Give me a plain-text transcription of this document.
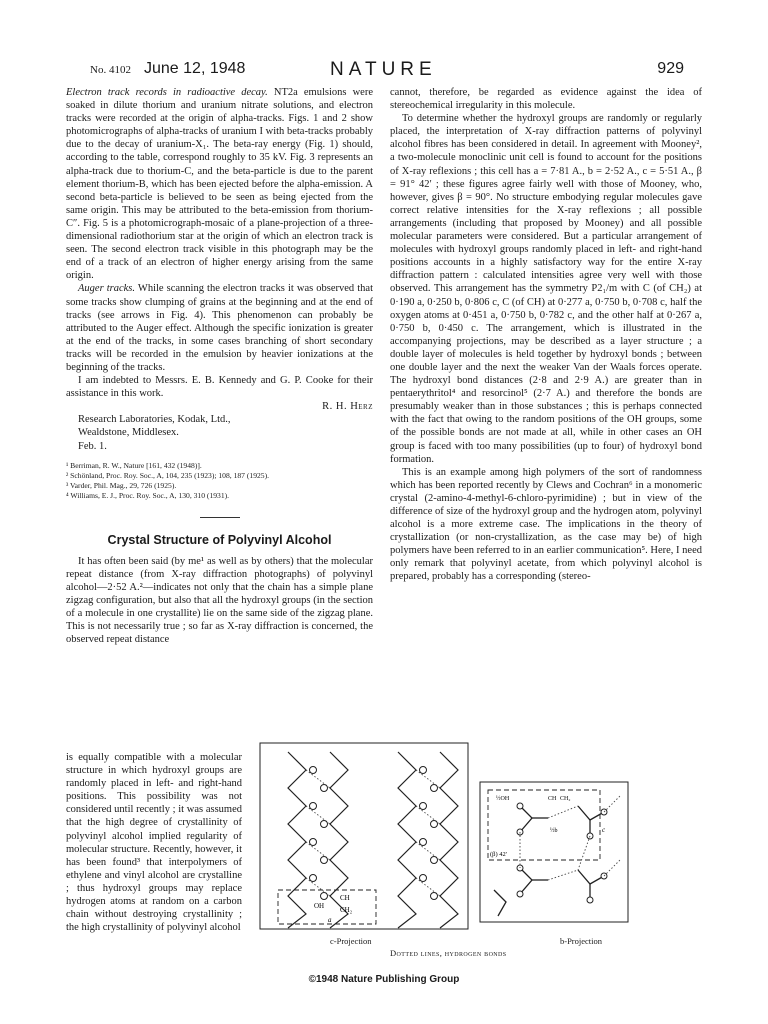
No. 4102 June 12, 1948	NATURE	929

Electron track records in radioactive decay. NT2a emulsions were soaked in dilute thorium and uranium nitrate solutions, and electron tracks were recorded at the origin of alpha-tracks. Figs. 1 and 2 show photomicrographs of alpha-tracks of uranium I with beta-tracks probably due to the decay of uranium-X₁. The beta-ray energy (Fig. 1) should, according to the table, correspond roughly to 35 kV. Fig. 3 represents an alpha-track due to thorium-C, and the beta-particle is due to the parent element thorium-B, which has been ejected before the alpha-emission. A second beta-particle is believed to be seen as being ejected from the same origin. This may be attributed to the beta-emission from thorium-C″. Fig. 5 is a photomicrograph-mosaic of a plane-projection of a three-dimensional radiothorium star at the origin of which an electron track is seen. The second electron track visible in this photograph may be the end of a track of an electron of higher energy arising from the same origin.

Auger tracks. While scanning the electron tracks it was observed that some tracks show clumping of grains at the beginning and at the end of tracks (see arrows in Fig. 4). This phenomenon can probably be attributed to the Auger effect. Although the specific ionization is greater at the end of the tracks, in some cases branching of short secondary tracks will be recorded in the emulsion by heavier ionizations at the beginning of the tracks.

I am indebted to Messrs. E. B. Kennedy and G. P. Cooke for their assistance in this work.

R. H. Herz

Research Laboratories, Kodak, Ltd.,

Wealdstone, Middlesex.

Feb. 1.

¹ Berriman, R. W., Nature [161, 432 (1948)].
² Schönland, Proc. Roy. Soc., A, 104, 235 (1923); 108, 187 (1925).
³ Varder, Phil. Mag., 29, 726 (1925).
⁴ Williams, E. J., Proc. Roy. Soc., A, 130, 310 (1931).
Crystal Structure of Polyvinyl Alcohol

It has often been said (by me¹ as well as by others) that the molecular repeat distance (from X-ray diffraction photographs) of polyvinyl alcohol—2·52 A.²—indicates not only that the chain has a simple plane zigzag configuration, but also that all the hydroxyl groups (in the section of a molecule in one crystallite) lie on the same side of the zigzag plane. This is not necessarily true ; so far as X-ray diffraction is concerned, the observed repeat distance

is equally compatible with a molecular structure in which hydroxyl groups are randomly placed in left- and right-hand positions. This possibility was not considered until recently ; it was assumed that the high degree of crystallinity of polyvinyl alcohol implied regularity of molecular structure. Recently, however, it has been found³ that interpolymers of ethylene and vinyl alcohol are crystalline ; thus hydroxyl groups may replace hydrogen atoms at random on a carbon chain without destroying crystallinity ; the high crystallinity of polyvinyl alcohol

cannot, therefore, be regarded as evidence against the idea of stereochemical irregularity in this molecule.

To determine whether the hydroxyl groups are randomly or regularly placed, the interpretation of X-ray diffraction patterns of polyvinyl alcohol fibres has been considered in detail. In agreement with Mooney², a two-molecule monoclinic unit cell is found to account for the positions of X-ray reflexions ; this cell has a = 7·81 A., b = 2·52 A., c = 5·51 A., β = 91° 42′ ; these figures agree fairly well with those of Mooney, who, however, gives β = 90°. No structure embodying regular molecules gave correct relative intensities for the X-ray reflexions ; all possible arrangements (including that proposed by Mooney) and all possible molecular parameters were considered. But a particular arrangement of molecules with hydroxyl groups randomly placed in left- and right-hand positions accounts in a highly satisfactory way for the entire X-ray diffraction pattern : calculated intensities agree very well with those observed. This arrangement has the symmetry P2₁/m with C (of CH₂) at 0·190 a, 0·250 b, 0·806 c, C (of CH) at 0·277 a, 0·750 b, 0·708 c, half the oxygen atoms at 0·451 a, 0·750 b, 0·782 c, and the other half at 0·267 a, 0·750 b, 0·450 c. The arrangement, which is illustrated in the accompanying projections, may be described as a layer structure ; a double layer of molecules is held together by hydroxyl bonds ; between one double layer and the next the weaker Van der Waals forces operate. The hydroxyl bond distances (2·8 and 2·9 A.) are greater than in pentaerythritol⁴ and resorcinol⁵ (2·7 A.) and therefore the bonds are presumably weaker than in those substances ; this is perhaps connected with the fact that owing to the random positions of the OH groups, some of the possible bonds are not made at all, while in other cases an OH group is faced with too many possibilities (up to four) of hydroxyl bond formation.

This is an example among high polymers of the sort of randomness which has been reported recently by Clews and Cochran⁶ in a monomeric crystal (2-amino-4-methyl-6-chloro-pyrimidine) ; but in view of the difference of size of the hydroxyl group and the hydrogen atom, polyvinyl alcohol is a more extreme case. The implications in the theory of crystallization (or non-crystallization, as the case may be) of high polymers have been referred to in an earlier communication⁵. Here, I need only remark that polyvinyl acetate, from which polyvinyl alcohol is prepared, probably has a corresponding (stereo-

CH
CH₂
OH
a
½OH	CH CH₂
½b	c
(β) 42′
c-Projection	b-Projection
Dotted lines, hydrogen bonds
©1948 Nature Publishing Group
